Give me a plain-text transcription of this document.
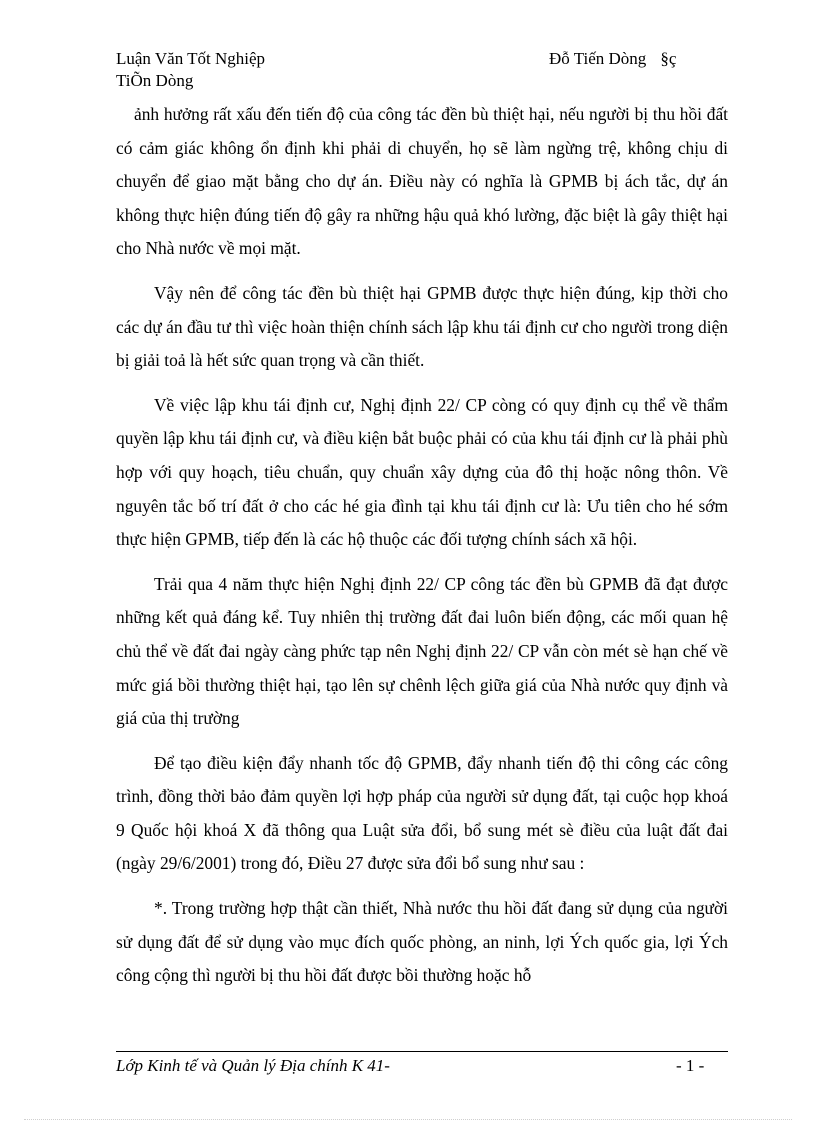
Luận Văn Tốt Nghiệp	Đỗ Tiến Dòng §ç
TiÕn Dòng

ảnh hưởng rất xấu đến tiến độ của công tác đền bù thiệt hại, nếu người bị thu hồi đất có cảm giác không ổn định khi phải di chuyển, họ sẽ làm ngừng trệ, không chịu di chuyển để giao mặt bằng cho dự án. Điều này có nghĩa là GPMB bị ách tắc, dự án không thực hiện đúng tiến độ gây ra những hậu quả khó lường, đặc biệt là gây thiệt hại cho Nhà nước về mọi mặt.

Vậy nên để công tác đền bù thiệt hại GPMB được thực hiện đúng, kịp thời cho các dự án đầu tư thì việc hoàn thiện chính sách lập khu tái định cư cho người trong diện bị giải toả là hết sức quan trọng và cần thiết.

Về việc lập khu tái định cư, Nghị định 22/ CP còng có quy định cụ thể về thẩm quyền lập khu tái định cư, và điều kiện bắt buộc phải có của khu tái định cư là phải phù hợp với quy hoạch, tiêu chuẩn, quy chuẩn xây dựng của đô thị hoặc nông thôn. Về nguyên tắc bố trí đất ở cho các hé gia đình tại khu tái định cư là: Ưu tiên cho hé sớm thực hiện GPMB, tiếp đến là các hộ thuộc các đối tượng chính sách xã hội.

Trải qua 4 năm thực hiện Nghị định 22/ CP công tác đền bù GPMB đã đạt được những kết quả đáng kể. Tuy nhiên thị trường đất đai luôn biến động, các mối quan hệ chủ thể về đất đai ngày càng phức tạp nên Nghị định 22/ CP vẫn còn mét sè hạn chế về mức giá bồi thường thiệt hại, tạo lên sự chênh lệch giữa giá của Nhà nước quy định và giá của thị trường

Để tạo điều kiện đẩy nhanh tốc độ GPMB, đẩy nhanh tiến độ thi công các công trình, đồng thời bảo đảm quyền lợi hợp pháp của người sử dụng đất, tại cuộc họp khoá 9 Quốc hội khoá X đã thông qua Luật sửa đổi, bổ sung mét sè điều của luật đất đai (ngày 29/6/2001) trong đó, Điều 27 được sửa đổi bổ sung như sau :

*. Trong trường hợp thật cần thiết, Nhà nước thu hồi đất đang sử dụng của người sử dụng đất để sử dụng vào mục đích quốc phòng, an ninh, lợi Ých quốc gia, lợi Ých công cộng thì người bị thu hồi đất được bồi thường hoặc hỗ

Lớp Kinh tế và Quản lý Địa chính K 41-	- 1 -
